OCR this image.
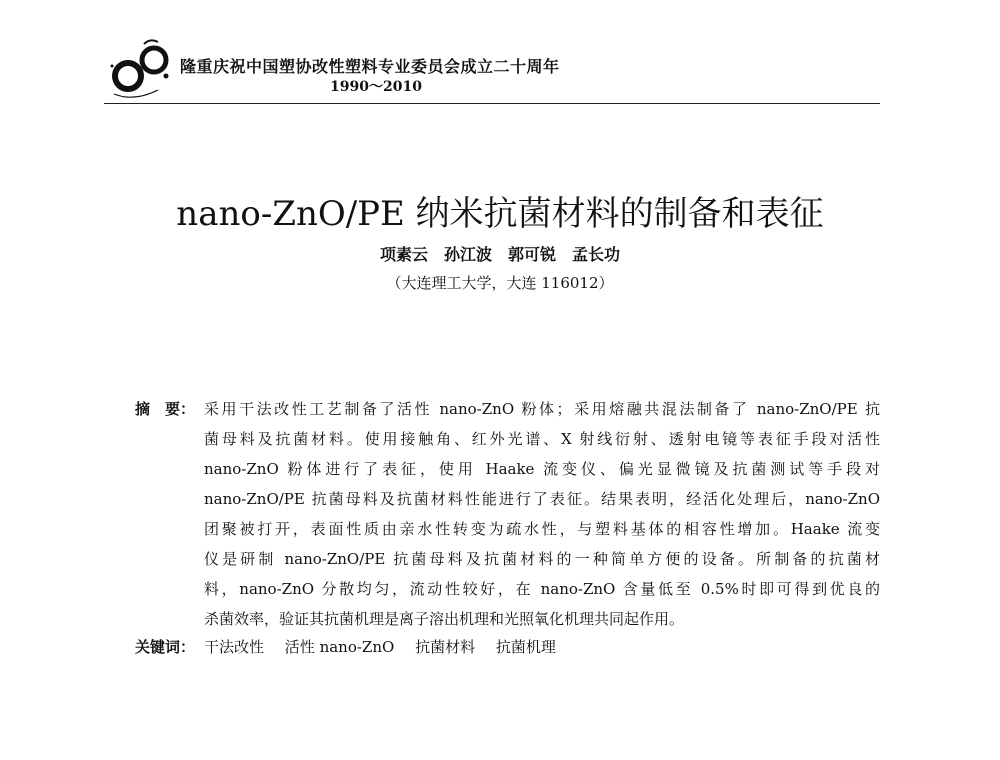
隆重庆祝中国塑协改性塑料专业委员会成立二十周年
1990～2010
nano-ZnO/PE 纳米抗菌材料的制备和表征
项素云　孙江波　郭可锐　孟长功
（大连理工大学，大连 116012）
摘　要： 采用干法改性工艺制备了活性 nano-ZnO 粉体；采用熔融共混法制备了 nano-ZnO/PE 抗
菌母料及抗菌材料。使用接触角、红外光谱、X 射线衍射、透射电镜等表征手段对活性
nano-ZnO 粉体进行了表征，使用 Haake 流变仪、偏光显微镜及抗菌测试等手段对
nano-ZnO/PE 抗菌母料及抗菌材料性能进行了表征。结果表明，经活化处理后，nano-ZnO
团聚被打开，表面性质由亲水性转变为疏水性，与塑料基体的相容性增加。Haake 流变
仪是研制 nano-ZnO/PE 抗菌母料及抗菌材料的一种简单方便的设备。所制备的抗菌材
料，nano-ZnO 分散均匀，流动性较好，在 nano-ZnO 含量低至 0.5%时即可得到优良的
杀菌效率，验证其抗菌机理是离子溶出机理和光照氧化机理共同起作用。
关键词： 干法改性 活性 nano-ZnO 抗菌材料 抗菌机理
